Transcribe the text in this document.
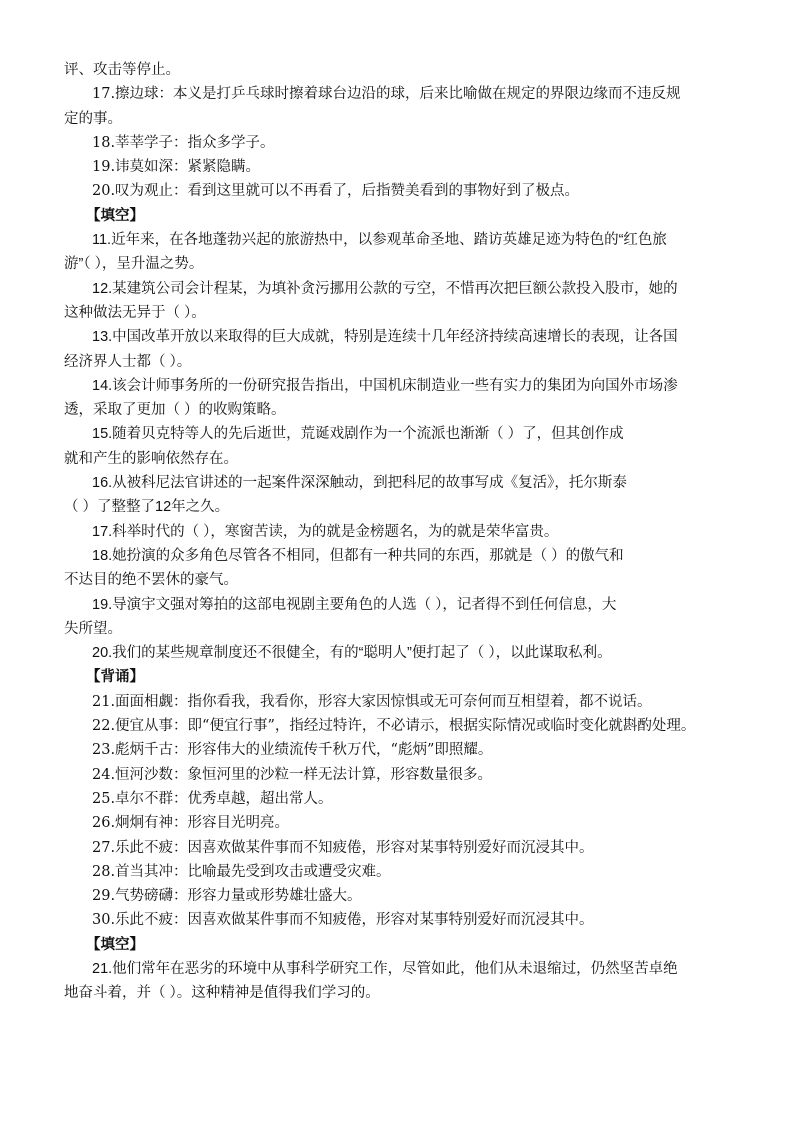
评、攻击等停止。
17.擦边球：本义是打乒乓球时擦着球台边沿的球，后来比喻做在规定的界限边缘而不违反规
定的事。
18.莘莘学子：指众多学子。
19.讳莫如深：紧紧隐瞒。
20.叹为观止：看到这里就可以不再看了，后指赞美看到的事物好到了极点。
【填空】
11.近年来，在各地蓬勃兴起的旅游热中，以参观革命圣地、踏访英雄足迹为特色的“红色旅
游”（ ），呈升温之势。
12.某建筑公司会计程某，为填补贪污挪用公款的亏空，不惜再次把巨额公款投入股市，她的
这种做法无异于（ ）。
13.中国改革开放以来取得的巨大成就，特别是连续十几年经济持续高速增长的表现，让各国
经济界人士都（ ）。
14.该会计师事务所的一份研究报告指出，中国机床制造业一些有实力的集团为向国外市场渗
透，采取了更加（ ）的收购策略。
15.随着贝克特等人的先后逝世，荒诞戏剧作为一个流派也渐渐（ ）了，但其创作成
就和产生的影响依然存在。
16.从被科尼法官讲述的一起案件深深触动，到把科尼的故事写成《复活》，托尔斯泰
（ ）了整整了12年之久。
17.科举时代的（ ），寒窗苦读，为的就是金榜题名，为的就是荣华富贵。
18.她扮演的众多角色尽管各不相同，但都有一种共同的东西，那就是（ ）的傲气和
不达目的绝不罢休的豪气。
19.导演宇文强对筹拍的这部电视剧主要角色的人选（ ），记者得不到任何信息，大
失所望。
20.我们的某些规章制度还不很健全，有的“聪明人”便打起了（ ），以此谋取私利。
【背诵】
21.面面相觑：指你看我，我看你，形容大家因惊惧或无可奈何而互相望着，都不说话。
22.便宜从事：即“便宜行事”，指经过特许，不必请示，根据实际情况或临时变化就斟酌处理。
23.彪炳千古：形容伟大的业绩流传千秋万代，“彪炳”即照耀。
24.恒河沙数：象恒河里的沙粒一样无法计算，形容数量很多。
25.卓尔不群：优秀卓越，超出常人。
26.炯炯有神：形容目光明亮。
27.乐此不疲：因喜欢做某件事而不知疲倦，形容对某事特别爱好而沉浸其中。
28.首当其冲：比喻最先受到攻击或遭受灾难。
29.气势磅礴：形容力量或形势雄壮盛大。
30.乐此不疲：因喜欢做某件事而不知疲倦，形容对某事特别爱好而沉浸其中。
【填空】
21.他们常年在恶劣的环境中从事科学研究工作，尽管如此，他们从未退缩过，仍然坚苦卓绝
地奋斗着，并（ ）。这种精神是值得我们学习的。
